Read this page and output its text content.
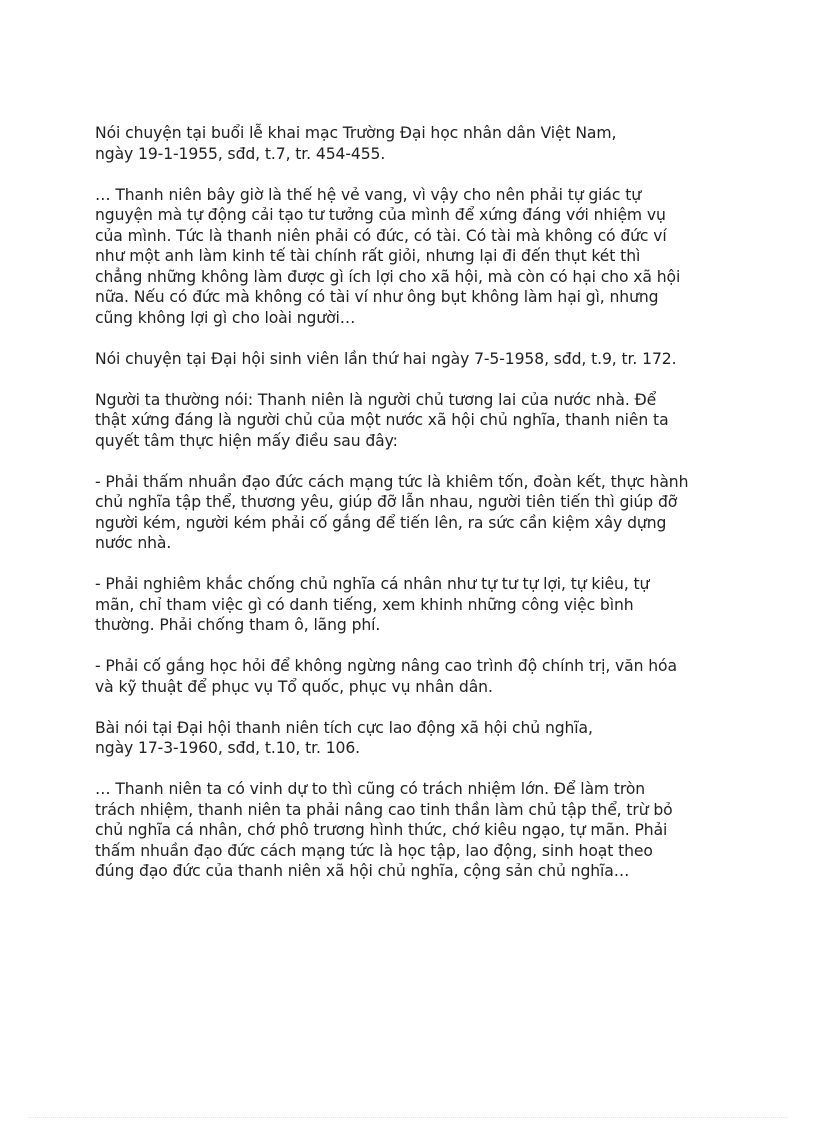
Nói chuyện tại buổi lễ khai mạc Trường Đại học nhân dân Việt Nam,
ngày 19-1-1955, sđd, t.7, tr. 454-455.
… Thanh niên bây giờ là thế hệ vẻ vang, vì vậy cho nên phải tự giác tự
nguyện mà tự động cải tạo tư tưởng của mình để xứng đáng với nhiệm vụ
của mình. Tức là thanh niên phải có đức, có tài. Có tài mà không có đức ví
như một anh làm kinh tế tài chính rất giỏi, nhưng lại đi đến thụt két thì
chẳng những không làm được gì ích lợi cho xã hội, mà còn có hại cho xã hội
nữa. Nếu có đức mà không có tài ví như ông bụt không làm hại gì, nhưng
cũng không lợi gì cho loài người…
Nói chuyện tại Đại hội sinh viên lần thứ hai ngày 7-5-1958, sđd, t.9, tr. 172.
Người ta thường nói: Thanh niên là người chủ tương lai của nước nhà. Để
thật xứng đáng là người chủ của một nước xã hội chủ nghĩa, thanh niên ta
quyết tâm thực hiện mấy điều sau đây:
- Phải thấm nhuần đạo đức cách mạng tức là khiêm tốn, đoàn kết, thực hành
chủ nghĩa tập thể, thương yêu, giúp đỡ lẫn nhau, người tiên tiến thì giúp đỡ
người kém, người kém phải cố gắng để tiến lên, ra sức cần kiệm xây dựng
nước nhà.
- Phải nghiêm khắc chống chủ nghĩa cá nhân như tự tư tự lợi, tự kiêu, tự
mãn, chỉ tham việc gì có danh tiếng, xem khinh những công việc bình
thường. Phải chống tham ô, lãng phí.
- Phải cố gắng học hỏi để không ngừng nâng cao trình độ chính trị, văn hóa
và kỹ thuật để phục vụ Tổ quốc, phục vụ nhân dân.
Bài nói tại Đại hội thanh niên tích cực lao động xã hội chủ nghĩa,
ngày 17-3-1960, sđd, t.10, tr. 106.
… Thanh niên ta có vinh dự to thì cũng có trách nhiệm lớn. Để làm tròn
trách nhiệm, thanh niên ta phải nâng cao tinh thần làm chủ tập thể, trừ bỏ
chủ nghĩa cá nhân, chớ phô trương hình thức, chớ kiêu ngạo, tự mãn. Phải
thấm nhuần đạo đức cách mạng tức là học tập, lao động, sinh hoạt theo
đúng đạo đức của thanh niên xã hội chủ nghĩa, cộng sản chủ nghĩa…
